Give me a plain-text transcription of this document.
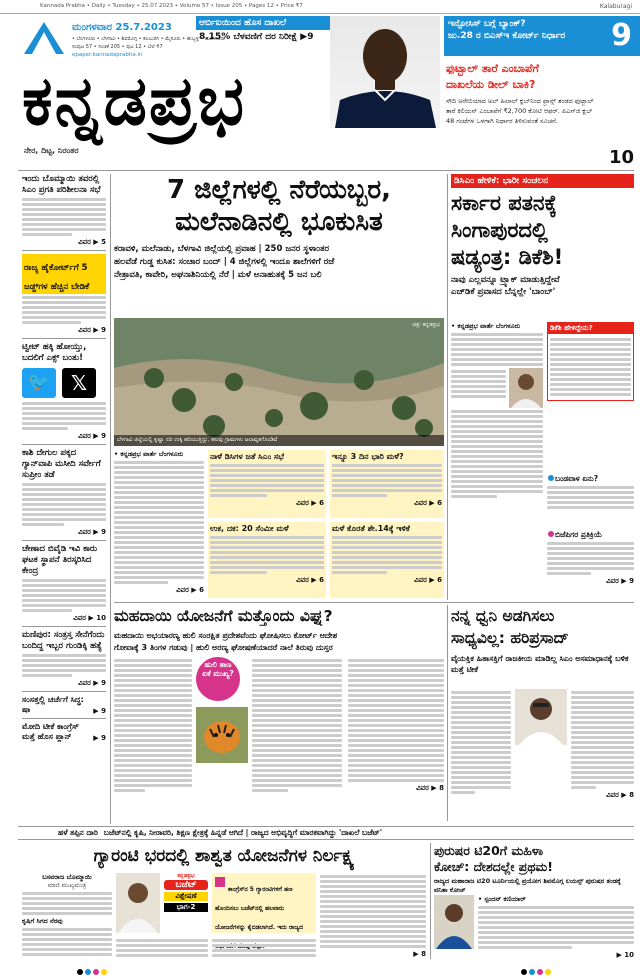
Kannada Prabha • Daily • Tuesday • 25.07.2023 • Volume 57 • Issue 205 • Pages 12 • Price ₹7	Kalaburagi
ಮಂಗಳವಾರ 25.7.2023
• ಬೆಂಗಳೂರು • ಬೆಳಗಾವಿ • ಶಿವಮೊಗ್ಗ • ಕಲಬುರಗಿ • ಮೈಸೂರು • ಹುಬ್ಬಳ್ಳಿ • ಮಂಗಳೂರು
ಸಂಪುಟ 57 • ಸಂಚಿಕೆ 205 • ಪುಟ 12 • ಬೆಲೆ ₹7
epaper.kannadaprabha.in
ಕನ್ನಡಪ್ರಭ
ನೇರ, ದಿಟ್ಟ, ನಿರಂತರ
ಆರ್ಬಿಐಯಿಂದ ಹೊಸ ದಾಖಲೆ
8.15% ಬೆಳವಣಿಗೆ ದರ ನಿರೀಕ್ಷೆ ▶9
ಇನ್ಪೋಸಿಸ್ ಬಗ್ಗೆ ಬ್ಯಾಂಕ್?
ಜು.28 ರ ಬಿಎಸ್‌ಇ ಕೋರ್ಟ್ ನಿರ್ಧಾರ	9
ಫುಟ್ಬಾಲ್ ತಾರೆ ಎಂಬಾಪೆಗೆ
ದಾಖಲೆಯ ಡೀಲ್ ಬಾಕಿ?
ಸೌದಿ ಅರೇಬಿಯಾದ ಅಲ್ ಹಿಲಾಲ್ ಕ್ಲಬ್‌ನಿಂದ ಫ್ರಾನ್ಸ್ ತಂಡದ ಫುಟ್ಬಾಲ್ ತಾರೆ ಕಿಲಿಯನ್ ಎಂಬಾಪೆಗೆ ₹2,700 ಕೋಟಿ ಆಫರ್. ಪಿಎಸ್‌ಜಿ ಕ್ಲಬ್ 48 ಗಂಟೆಗಳ ಒಳಗಾಗಿ ನಿರ್ಧಾರ ತಿಳಿಸುವಂತೆ ಸೂಚನೆ.
10
ಇಂದು ಬೊಮ್ಮಾಯಿ ತವರಲ್ಲಿ ಸಿಎಂ ಪ್ರಗತಿ ಪರಿಶೀಲನಾ ಸಭೆ
ವಿವರ ▶ 5
ರಾಜ್ಯ ಹೈಕೋರ್ಟ್‌ಗೆ 5 ಜಡ್ಜ್‌ಗಳ ಹೆಚ್ಚಿನ ಬೇಡಿಕೆ
ವಿವರ ▶ 9
ಟ್ವೀಟ್ ಹಕ್ಕಿ ಹೋಯ್ತು, ಬದಲಿಗೆ ಎಕ್ಸ್ ಬಂತು!
🐦	𝕏
ವಿವರ ▶ 9
ಕಾಶಿ ದೇಗುಲ ಪಕ್ಕದ ಗ್ಯಾನ್‌ವಾಪಿ ಮಸೀದಿ ಸರ್ವೇಗೆ ಸುಪ್ರೀಂ ತಡೆ
ವಿವರ ▶ 9
ಚೇಣಾದ ಬಿವೈಡಿ ಇವಿ ಕಾರು ಘಟಕ ಸ್ಥಾಪನೆ ತಿರಸ್ಕರಿಸಿದ ಕೇಂದ್ರ
ವಿವರ ▶ 10
ಮಣಿಪುರ: ಸಂತ್ರಸ್ತ ಸೇನೆಗೆಂದು ಬಂದಿದ್ದ ಇಬ್ಬರ ಗುಂಡಿಕ್ಕಿ ಹತ್ಯೆ
ವಿವರ ▶ 9
ಸಂಸತ್ತಲ್ಲಿ ಚರ್ಚೆಗೆ ಸಿದ್ಧ: ಷಾ	▶ 9
ಮೋದಿ ಟೀಕೆ ಕಾಂಗ್ರೆಸ್ ಮತ್ತೆ ಹೊಸ ಪ್ಲಾನ್	▶ 9
7 ಜಿಲ್ಲೆಗಳಲ್ಲಿ ನೆರೆಯಬ್ಬರ,
ಮಲೆನಾಡಿನಲ್ಲಿ ಭೂಕುಸಿತ
ಕರಾವಳಿ, ಮಲೆನಾಡು, ಬೆಳಗಾವಿ ಜಿಲ್ಲೆಯಲ್ಲಿ ಪ್ರವಾಹ | 250 ಜನರ ಸ್ಥಳಾಂತರ
ಹಲವೆಡೆ ಗುಡ್ಡ ಕುಸಿತ: ಸಂಚಾರ ಬಂದ್ | 4 ಜಿಲ್ಲೆಗಳಲ್ಲಿ ಇಂದೂ ಶಾಲೆಗಳಿಗೆ ರಜೆ
ನೇತ್ರಾವತಿ, ಕಾವೇರಿ, ಅಘನಾಶಿನಿಯಲ್ಲಿ ನೆರೆ | ಮಳೆ ಅನಾಹುತಕ್ಕೆ 5 ಜನ ಬಲಿ
ಚಿತ್ರ: ಕನ್ನಡಪ್ರಭ
ಬೆಳಗಾವಿ ಜಿಲ್ಲೆಯಲ್ಲಿ ಕೃಷ್ಣಾ ನದಿ ಉಕ್ಕಿ ಹರಿಯುತ್ತಿದ್ದು, ಹಲವು ಗ್ರಾಮಗಳು ಜಲಾವೃತಗೊಂಡಿವೆ
• ಕನ್ನಡಪ್ರಭ ವಾರ್ತೆ ಬೆಂಗಳೂರು
ವಿವರ ▶ 6
ನಾಳೆ ಡಿಸಿಗಳ ಜತೆ ಸಿಎಂ ಸಭೆ
ವಿವರ ▶ 6
ಇನ್ನೂ 3 ದಿನ ಭಾರಿ ಮಳೆ?
ವಿವರ ▶ 6
ಉಕ, ದಕ: 20 ಸೆಂಮೀ ಮಳೆ
ವಿವರ ▶ 6
ಮಳೆ ಕೊರತೆ ಶೇ.14ಕ್ಕೆ ಇಳಿಕೆ
ವಿವರ ▶ 6
ಡಿಸಿಎಂ ಹೇಳಿಕೆ: ಭಾರೀ ಸಂಚಲನ
ಸರ್ಕಾರ ಪತನಕ್ಕೆ
ಸಿಂಗಾಪುರದಲ್ಲಿ
ಷಡ್ಯಂತ್ರ: ಡಿಕೆಶಿ!
ನಾವು ಎಲ್ಲವನ್ನೂ ಟ್ರ್ಯಾಕ್ ಮಾಡುತ್ತಿದ್ದೇವೆ
ಎಚ್‌ಡಿಕೆ ಪ್ರವಾಸದ ಬೆನ್ನಲ್ಲೇ 'ಬಾಂಬ್'
• ಕನ್ನಡಪ್ರಭ ವಾರ್ತೆ ಬೆಂಗಳೂರು	ಡಿಕೆಶಿ ಹೇಳಿದ್ದೇನು?
ಬಂಡವಾಳ ಏನು?
ಬಿಜೆಪಿಗರ ಪ್ರತಿಕ್ರಿಯೆ
ವಿವರ ▶ 9
ಮಹದಾಯಿ ಯೋಜನೆಗೆ ಮತ್ತೊಂದು ವಿಘ್ನ?
ಮಹದಾಯಿ ಅಭಯಾರಣ್ಯ ಹುಲಿ ಸಂರಕ್ಷಿತ ಪ್ರದೇಶವೆಂದು ಘೋಷಿಸಲು ಕೋರ್ಟ್ ಆದೇಶ
ಗೋವಾಕ್ಕೆ 3 ತಿಂಗಳ ಗಡುವು | ಹುಲಿ ಅರಣ್ಯ ಘೋಷಣೆಯಾದರೆ ನಾಲೆ ತಿರುವು ದುಸ್ತರ
ಹುಲಿ ತಾಣ ಏಕೆ ಮುಖ್ಯ?
ವಿವರ ▶ 8
ನನ್ನ ಧ್ವನಿ ಅಡಗಿಸಲು
ಸಾಧ್ಯವಿಲ್ಲ: ಹರಿಪ್ರಸಾದ್
ವೈಯಕ್ತಿಕ ಹಿತಾಸಕ್ತಿಗೆ ರಾಜಕೀಯ ಮಾಡಿಲ್ಲ ಸಿಎಂ ಅಸಮಾಧಾನಕ್ಕೆ ಬಳಿಕ ಮತ್ತೆ ಟೀಕೆ
ವಿವರ ▶ 8
ಹಳೆ ತಪ್ಪಿನ ದಾರಿ ಬಜೆಟ್‌ನಲ್ಲಿ ಕೃಷಿ, ನೀರಾವರಿ, ಶಿಕ್ಷಣ ಕ್ಷೇತ್ರಕ್ಕೆ ಹಿನ್ನಡೆ ಆಗಿದೆ | ರಾಜ್ಯದ ಅಭಿವೃದ್ಧಿಗೆ ಮಾರಕವಾಗಿದ್ದು 'ದಾಖಲೆ ಬಜೆಟ್'
ಗ್ಯಾರಂಟಿ ಭರದಲ್ಲಿ ಶಾಶ್ವತ ಯೋಜನೆಗಳ ನಿರ್ಲಕ್ಷ್ಯ
ಬಸವರಾಜ ಬೊಮ್ಮಾಯಿ
ಮಾಜಿ ಮುಖ್ಯಮಂತ್ರಿ
ಕೃಷಿಗೆ ಸಿಗದ ನೆರವು
ಕನ್ನಡಪ್ರಭ
ಬಜೆಟ್
ವಿಶ್ಲೇಷಣೆ
ಭಾಗ-2
ಕಾಂಗ್ರೆಸ್‌ನ 5 ಗ್ಯಾರಂಟಿಗಳಿಗೆ ಹಣ ಹೊಂದಿಸಲು ಬಜೆಟ್‌ನಲ್ಲಿ ಹಲವಾರು ಯೋಜನೆಗಳನ್ನು ಕೈಬಿಡಲಾಗಿದೆ. ಇದು ರಾಜ್ಯದ
▶ 8
ಪುರುಷರ ಟಿ20ಗೆ ಮಹಿಳಾ
ಕೋಚ್: ದೇಶದಲ್ಲೇ ಪ್ರಥಮ!
ರಾಜ್ಯದ ಮಹಾರಾಜ ಟಿ20 ಟೂರ್ನಿಯಲ್ಲಿ ಪ್ರಯೋಗ ಶಿವಮೊಗ್ಗ ಲಯನ್ಸ್ ಪುರುಷರ ತಂಡಕ್ಕೆ ವನಿತಾ ಕೋಚ್
• ಸ್ಪಂದನ್ ಕಣಿಯಾರ್
▶ 10
